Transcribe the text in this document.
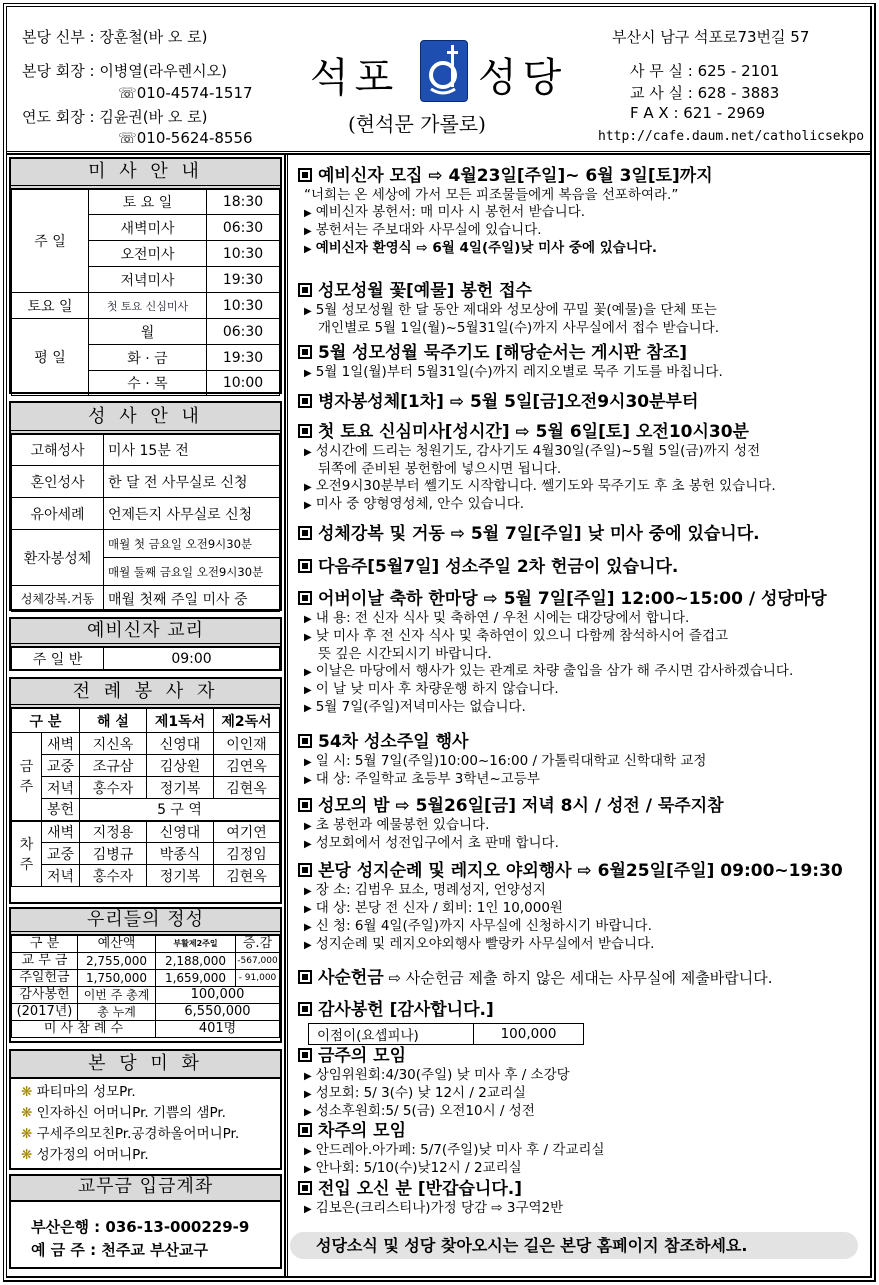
본당 신부 : 장훈철(바 오 로)
본당 회장 : 이병열(라우렌시오)
☏010-4574-1517
연도 회장 : 김윤권(바 오 로)
☏010-5624-8556
석포 성당
(현석문 가롤로)
부산시 남구 석포로73번길 57
사 무 실 : 625 - 2101
교 사 실 : 628 - 3883
F A X : 621 - 2969
http://cafe.daum.net/catholicsekpo
미 사 안 내
주 일	토 요 일	18:30
	새벽미사	06:30
	오전미사	10:30
	저녁미사	19:30
토요 일	첫 토요 신심미사	10:30
평 일	월	06:30
	화 · 금	19:30
	수 · 목	10:00
성 사 안 내
고해성사	미사 15분 전
혼인성사	한 달 전 사무실로 신청
유아세례	언제든지 사무실로 신청
환자봉성체	매월 첫 금요일 오전9시30분
	매월 둘째 금요일 오전9시30분
성체강복.거동	매월 첫째 주일 미사 중
예비신자 교리
주 일 반	09:00
전 례 봉 사 자
구 분		해 설	제1독서	제2독서
금 주	새벽	지신옥	신영대	이인재
	교중	조규삼	김상원	김연옥
	저녁	홍수자	정기복	김현옥
	봉헌	5 구 역		
차 주	새벽	지정용	신영대	여기연
	교중	김병규	박종식	김정임
	저녁	홍수자	정기복	김현옥
우리들의 정성
구 분	예산액	부활제2주일	증.감
교 무 금	2,755,000	2,188,000	-567,000
주일헌금	1,750,000	1,659,000	- 91,000
감사봉헌	이번 주 총계	100,000	
(2017년)	총 누계	6,550,000	
미 사 참 례 수		401명	
본 당 미 화
❋ 파티마의 성모Pr.
❋ 인자하신 어머니Pr. 기쁨의 샘Pr.
❋ 구세주의모친Pr.공경하올어머니Pr.
❋ 성가정의 어머니Pr.
교무금 입금계좌
부산은행 : 036-13-000229-9
예 금 주 : 천주교 부산교구
예비신자 모집 ⇨ 4월23일[주일]~ 6월 3일[토]까지
“너희는 온 세상에 가서 모든 피조물들에게 복음을 선포하여라.”
▶ 예비신자 봉헌서: 매 미사 시 봉헌서 받습니다.
▶ 봉헌서는 주보대와 사무실에 있습니다.
▶ 예비신자 환영식 ⇨ 6월 4일(주일)낮 미사 중에 있습니다.
성모성월 꽃[예물] 봉헌 접수
▶ 5월 성모성월 한 달 동안 제대와 성모상에 꾸밀 꽃(예물)을 단체 또는
개인별로 5월 1일(월)~5월31일(수)까지 사무실에서 접수 받습니다.
5월 성모성월 묵주기도 [해당순서는 게시판 참조]
▶ 5월 1일(월)부터 5월31일(수)까지 레지오별로 묵주 기도를 바칩니다.
병자봉성체[1차] ⇨ 5월 5일[금]오전9시30분부터
첫 토요 신심미사[성시간] ⇨ 5월 6일[토] 오전10시30분
▶ 성시간에 드리는 청원기도, 감사기도 4월30일(주일)~5월 5일(금)까지 성전
뒤쪽에 준비된 봉헌함에 넣으시면 됩니다.
▶ 오전9시30분부터 쎌기도 시작합니다. 쎌기도와 묵주기도 후 초 봉헌 있습니다.
▶ 미사 중 양형영성체, 안수 있습니다.
성체강복 및 거동 ⇨ 5월 7일[주일] 낮 미사 중에 있습니다.
다음주[5월7일] 성소주일 2차 헌금이 있습니다.
어버이날 축하 한마당 ⇨ 5월 7일[주일] 12:00~15:00 / 성당마당
▶ 내 용: 전 신자 식사 및 축하연 / 우천 시에는 대강당에서 합니다.
▶ 낮 미사 후 전 신자 식사 및 축하연이 있으니 다함께 참석하시어 즐겁고
뜻 깊은 시간되시기 바랍니다.
▶ 이날은 마당에서 행사가 있는 관계로 차량 출입을 삼가 해 주시면 감사하겠습니다.
▶ 이 날 낮 미사 후 차량운행 하지 않습니다.
▶ 5월 7일(주일)저녁미사는 없습니다.
54차 성소주일 행사
▶ 일 시: 5월 7일(주일)10:00~16:00 / 가톨릭대학교 신학대학 교정
▶ 대 상: 주일학교 초등부 3학년~고등부
성모의 밤 ⇨ 5월26일[금] 저녁 8시 / 성전 / 묵주지참
▶ 초 봉헌과 예물봉헌 있습니다.
▶ 성모회에서 성전입구에서 초 판매 합니다.
본당 성지순례 및 레지오 야외행사 ⇨ 6월25일[주일] 09:00~19:30
▶ 장 소: 김범우 묘소, 명례성지, 언양성지
▶ 대 상: 본당 전 신자 / 회비: 1인 10,000원
▶ 신 청: 6월 4일(주일)까지 사무실에 신청하시기 바랍니다.
▶ 성지순례 및 레지오야외행사 빨랑카 사무실에서 받습니다.
사순헌금 ⇨ 사순헌금 제출 하지 않은 세대는 사무실에 제출바랍니다.
감사봉헌 [감사합니다.]
이점이(요셉피나)	100,000
금주의 모임
▶ 상임위원회:4/30(주일) 낮 미사 후 / 소강당
▶ 성모회: 5/ 3(수) 낮 12시 / 2교리실
▶ 성소후원회:5/ 5(금) 오전10시 / 성전
차주의 모임
▶ 안드레아.아가페: 5/7(주일)낮 미사 후 / 각교리실
▶ 안나회: 5/10(수)낮12시 / 2교리실
전입 오신 분 [반갑습니다.]
▶ 김보은(크리스티나)가정 당감 ⇨ 3구역2반
성당소식 및 성당 찾아오시는 길은 본당 홈페이지 참조하세요.
